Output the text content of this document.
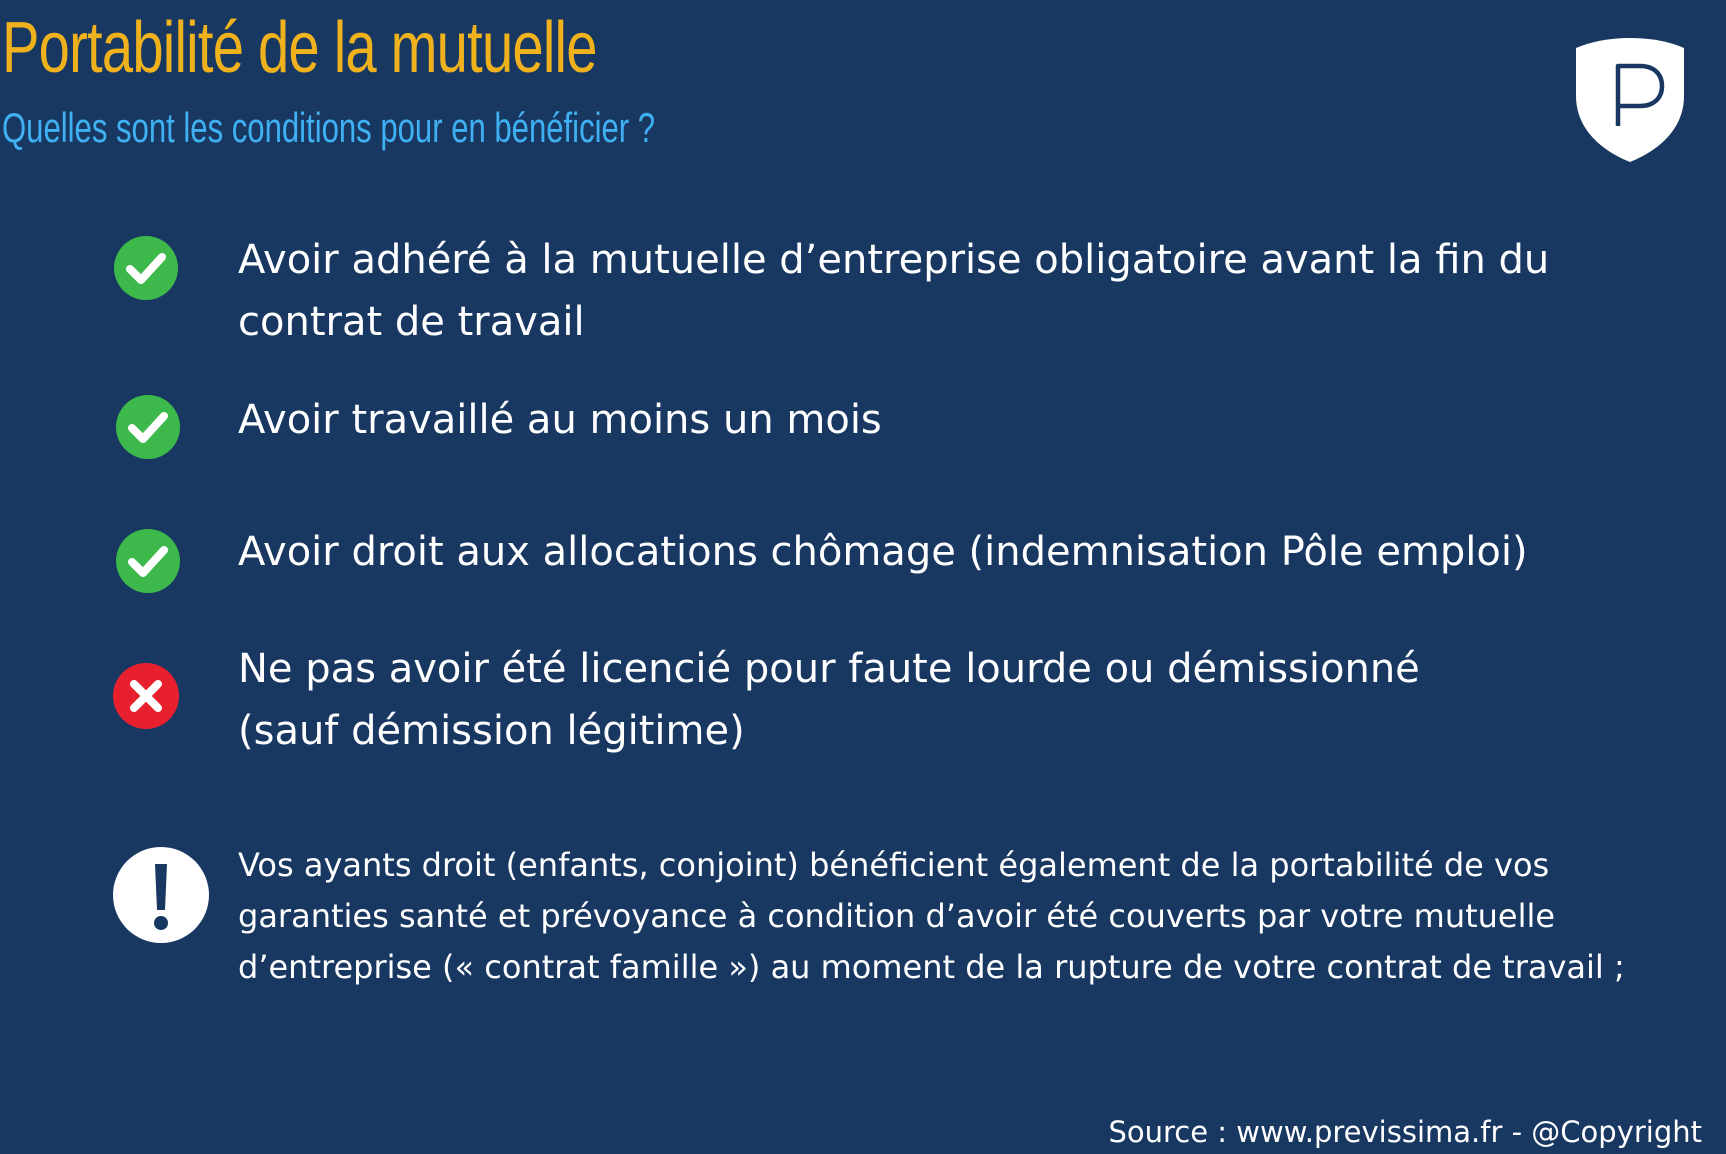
Portabilité de la mutuelle
Quelles sont les conditions pour en bénéficier ?
Avoir adhéré à la mutuelle d’entreprise obligatoire avant la fin du
contrat de travail
Avoir travaillé au moins un mois
Avoir droit aux allocations chômage (indemnisation Pôle emploi)
Ne pas avoir été licencié pour faute lourde ou démissionné
(sauf démission légitime)
Vos ayants droit (enfants, conjoint) bénéficient également de la portabilité de vos garanties santé et prévoyance à condition d’avoir été couverts par votre mutuelle d’entreprise (« contrat famille ») au moment de la rupture de votre contrat de travail ;
Source : www.previssima.fr - @Copyright
